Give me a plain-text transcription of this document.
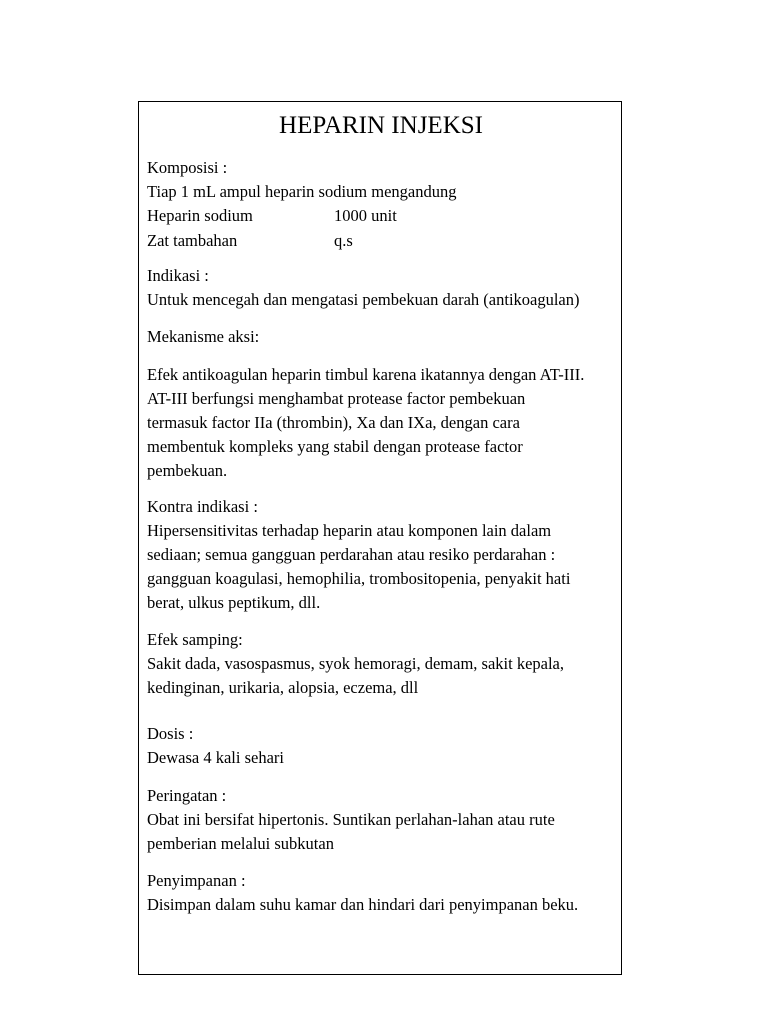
HEPARIN INJEKSI
Komposisi :
Tiap 1 mL ampul heparin sodium mengandung
Heparin sodium	1000 unit
Zat tambahan	q.s
Indikasi :
Untuk mencegah dan mengatasi pembekuan darah (antikoagulan)
Mekanisme aksi:
Efek antikoagulan heparin timbul karena ikatannya dengan AT-III.
AT-III berfungsi menghambat protease factor pembekuan
termasuk factor IIa (thrombin), Xa dan IXa, dengan cara
membentuk kompleks yang stabil dengan protease factor
pembekuan.
Kontra indikasi :
Hipersensitivitas terhadap heparin atau komponen lain dalam
sediaan; semua gangguan perdarahan atau resiko perdarahan :
gangguan koagulasi, hemophilia, trombositopenia, penyakit hati
berat, ulkus peptikum, dll.
Efek samping:
Sakit dada, vasospasmus, syok hemoragi, demam, sakit kepala,
kedinginan, urikaria, alopsia, eczema, dll
Dosis :
Dewasa 4 kali sehari
Peringatan :
Obat ini bersifat hipertonis. Suntikan perlahan-lahan atau rute
pemberian melalui subkutan
Penyimpanan :
Disimpan dalam suhu kamar dan hindari dari penyimpanan beku.
